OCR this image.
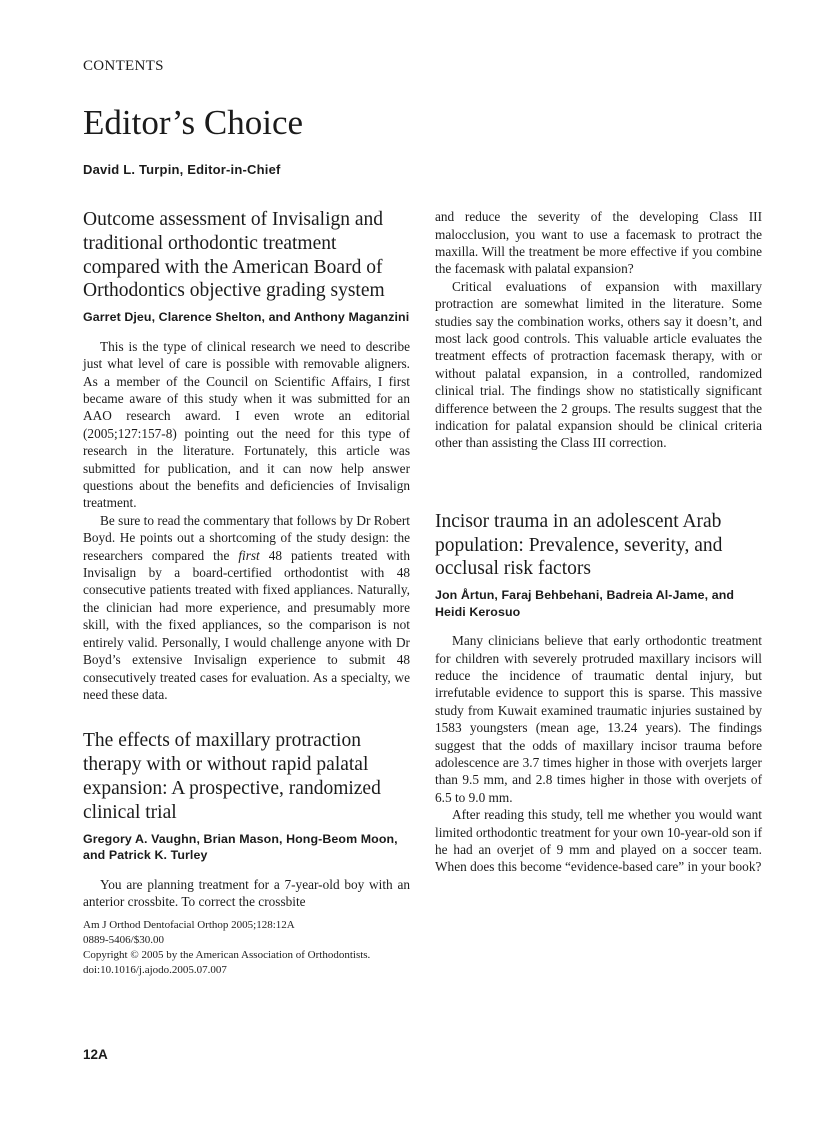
CONTENTS
Editor’s Choice
David L. Turpin, Editor-in-Chief
Outcome assessment of Invisalign and traditional orthodontic treatment compared with the American Board of Orthodontics objective grading system
Garret Djeu, Clarence Shelton, and Anthony Maganzini

This is the type of clinical research we need to describe just what level of care is possible with removable aligners. As a member of the Council on Scientific Affairs, I first became aware of this study when it was submitted for an AAO research award. I even wrote an editorial (2005;127:157-8) pointing out the need for this type of research in the literature. Fortunately, this article was submitted for publication, and it can now help answer questions about the benefits and deficiencies of Invisalign treatment.

Be sure to read the commentary that follows by Dr Robert Boyd. He points out a shortcoming of the study design: the researchers compared the first 48 patients treated with Invisalign by a board-certified orthodontist with 48 consecutive patients treated with fixed appliances. Naturally, the clinician had more experience, and presumably more skill, with the fixed appliances, so the comparison is not entirely valid. Personally, I would challenge anyone with Dr Boyd’s extensive Invisalign experience to submit 48 consecutively treated cases for evaluation. As a specialty, we need these data.

The effects of maxillary protraction therapy with or without rapid palatal expansion: A prospective, randomized clinical trial
Gregory A. Vaughn, Brian Mason, Hong-Beom Moon, and Patrick K. Turley

You are planning treatment for a 7-year-old boy with an anterior crossbite. To correct the crossbite

Am J Orthod Dentofacial Orthop 2005;128:12A
0889-5406/$30.00
Copyright © 2005 by the American Association of Orthodontists.
doi:10.1016/j.ajodo.2005.07.007

and reduce the severity of the developing Class III malocclusion, you want to use a facemask to protract the maxilla. Will the treatment be more effective if you combine the facemask with palatal expansion?

Critical evaluations of expansion with maxillary protraction are somewhat limited in the literature. Some studies say the combination works, others say it doesn’t, and most lack good controls. This valuable article evaluates the treatment effects of protraction facemask therapy, with or without palatal expansion, in a controlled, randomized clinical trial. The findings show no statistically significant difference between the 2 groups. The results suggest that the indication for palatal expansion should be clinical criteria other than assisting the Class III correction.

Incisor trauma in an adolescent Arab population: Prevalence, severity, and occlusal risk factors
Jon Årtun, Faraj Behbehani, Badreia Al-Jame, and Heidi Kerosuo

Many clinicians believe that early orthodontic treatment for children with severely protruded maxillary incisors will reduce the incidence of traumatic dental injury, but irrefutable evidence to support this is sparse. This massive study from Kuwait examined traumatic injuries sustained by 1583 youngsters (mean age, 13.24 years). The findings suggest that the odds of maxillary incisor trauma before adolescence are 3.7 times higher in those with overjets larger than 9.5 mm, and 2.8 times higher in those with overjets of 6.5 to 9.0 mm.

After reading this study, tell me whether you would want limited orthodontic treatment for your own 10-year-old son if he had an overjet of 9 mm and played on a soccer team. When does this become “evidence-based care” in your book?

12A
